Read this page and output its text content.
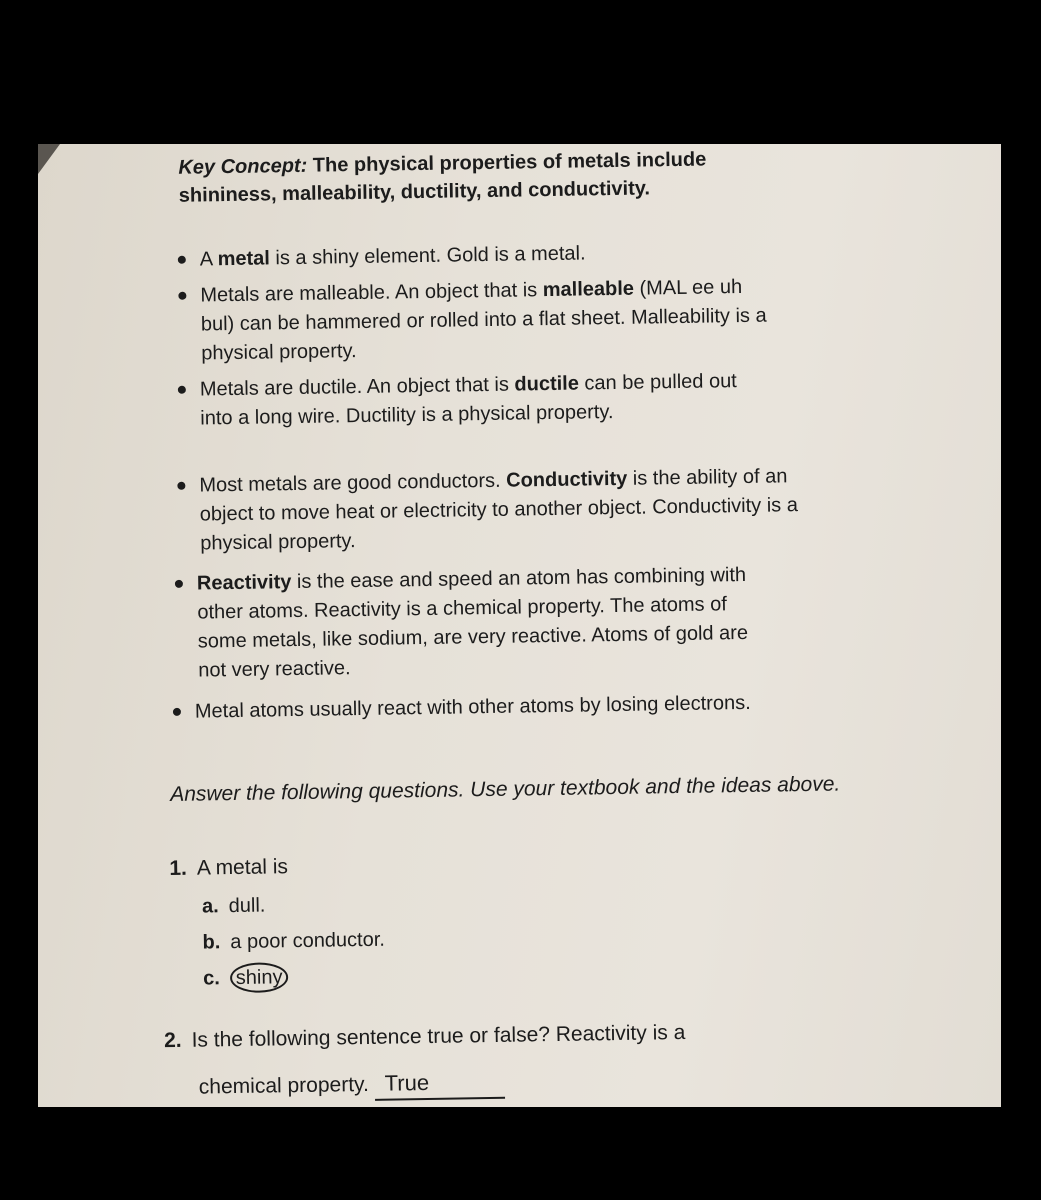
Key Concept: The physical properties of metals include shininess, malleability, ductility, and conductivity.
A metal is a shiny element. Gold is a metal.
Metals are malleable. An object that is malleable (MAL ee uh bul) can be hammered or rolled into a flat sheet. Malleability is a physical property.
Metals are ductile. An object that is ductile can be pulled out into a long wire. Ductility is a physical property.
Most metals are good conductors. Conductivity is the ability of an object to move heat or electricity to another object. Conductivity is a physical property.
Reactivity is the ease and speed an atom has combining with other atoms. Reactivity is a chemical property. The atoms of some metals, like sodium, are very reactive. Atoms of gold are not very reactive.
Metal atoms usually react with other atoms by losing electrons.
Answer the following questions. Use your textbook and the ideas above.
1. A metal is
a. dull.
b. a poor conductor.
c. shiny
2. Is the following sentence true or false? Reactivity is a
chemical property. True
